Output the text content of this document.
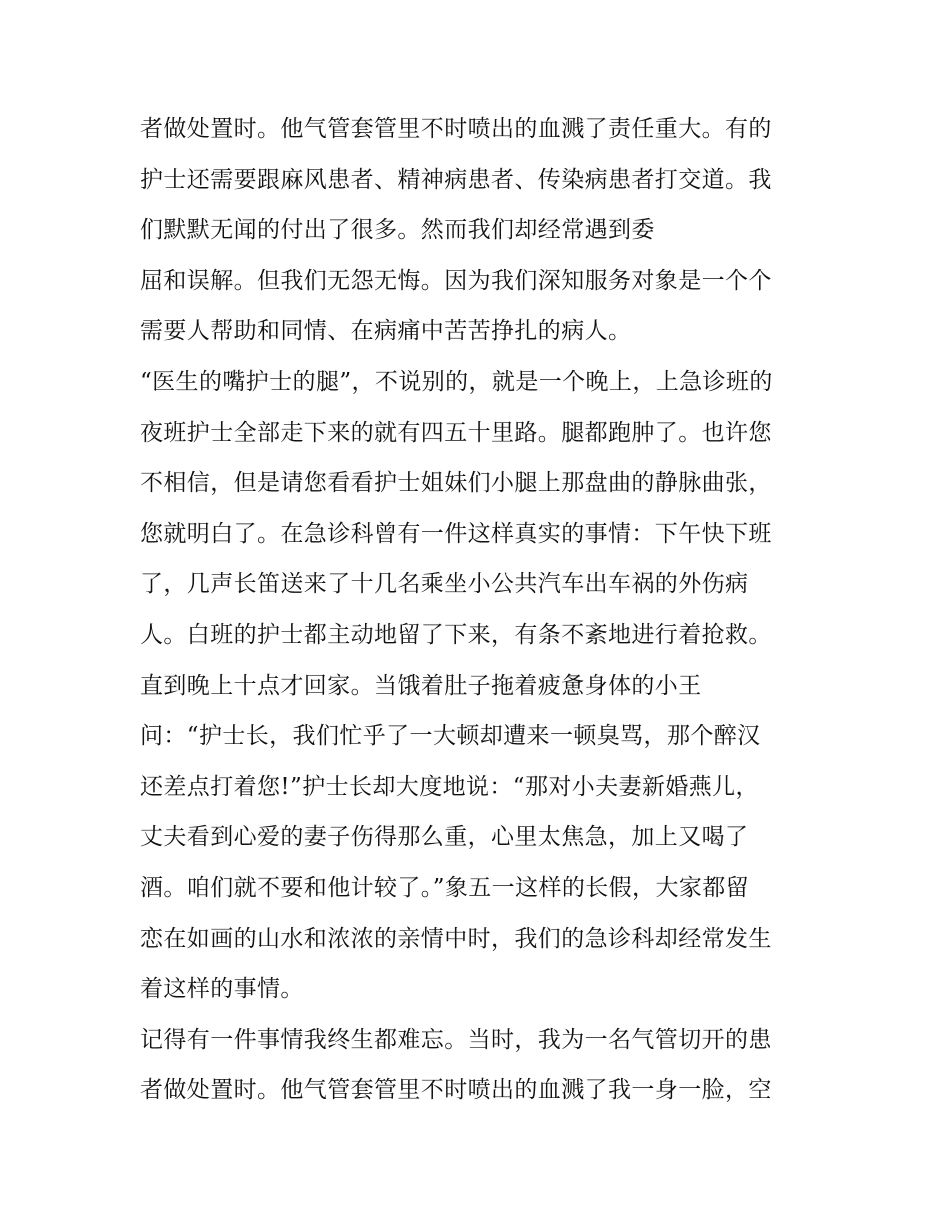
者做处置时。他气管套管里不时喷出的血溅了责任重大。有的
护士还需要跟麻风患者、精神病患者、传染病患者打交道。我
们默默无闻的付出了很多。然而我们却经常遇到委
屈和误解。但我们无怨无悔。因为我们深知服务对象是一个个
需要人帮助和同情、在病痛中苦苦挣扎的病人。
“医生的嘴护士的腿”，不说别的，就是一个晚上，上急诊班的
夜班护士全部走下来的就有四五十里路。腿都跑肿了。也许您
不相信，但是请您看看护士姐妹们小腿上那盘曲的静脉曲张，
您就明白了。在急诊科曾有一件这样真实的事情：下午快下班
了，几声长笛送来了十几名乘坐小公共汽车出车祸的外伤病
人。白班的护士都主动地留了下来，有条不紊地进行着抢救。
直到晚上十点才回家。当饿着肚子拖着疲惫身体的小王
问：“护士长，我们忙乎了一大顿却遭来一顿臭骂，那个醉汉
还差点打着您!”护士长却大度地说：“那对小夫妻新婚燕儿，
丈夫看到心爱的妻子伤得那么重，心里太焦急，加上又喝了
酒。咱们就不要和他计较了。”象五一这样的长假，大家都留
恋在如画的山水和浓浓的亲情中时，我们的急诊科却经常发生
着这样的事情。
记得有一件事情我终生都难忘。当时，我为一名气管切开的患
者做处置时。他气管套管里不时喷出的血溅了我一身一脸，空
